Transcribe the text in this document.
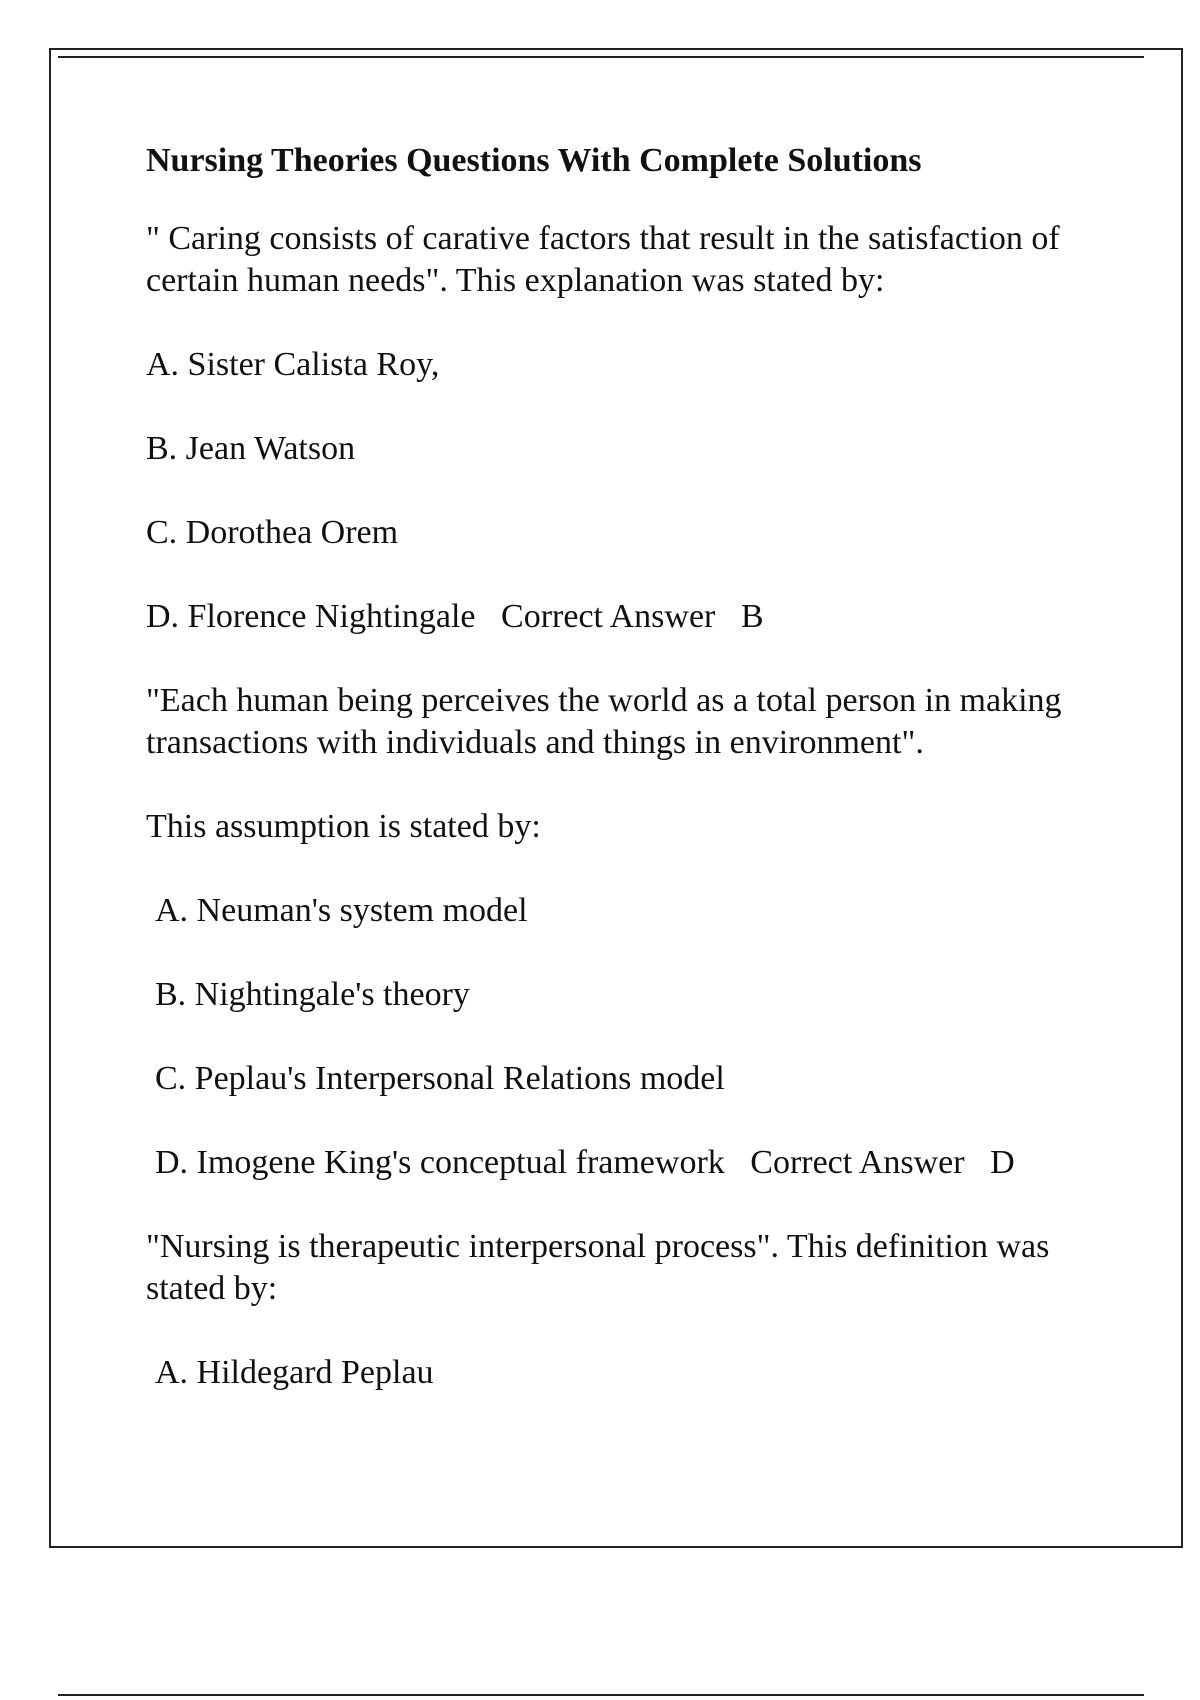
Nursing Theories Questions With Complete Solutions

" Caring consists of carative factors that result in the satisfaction of certain human needs". This explanation was stated by:

A. Sister Calista Roy,

B. Jean Watson

C. Dorothea Orem

D. Florence Nightingale Correct Answer B

"Each human being perceives the world as a total person in making transactions with individuals and things in environment".

This assumption is stated by:

A. Neuman's system model

B. Nightingale's theory

C. Peplau's Interpersonal Relations model

D. Imogene King's conceptual framework Correct Answer D

"Nursing is therapeutic interpersonal process". This definition was stated by:

A. Hildegard Peplau
